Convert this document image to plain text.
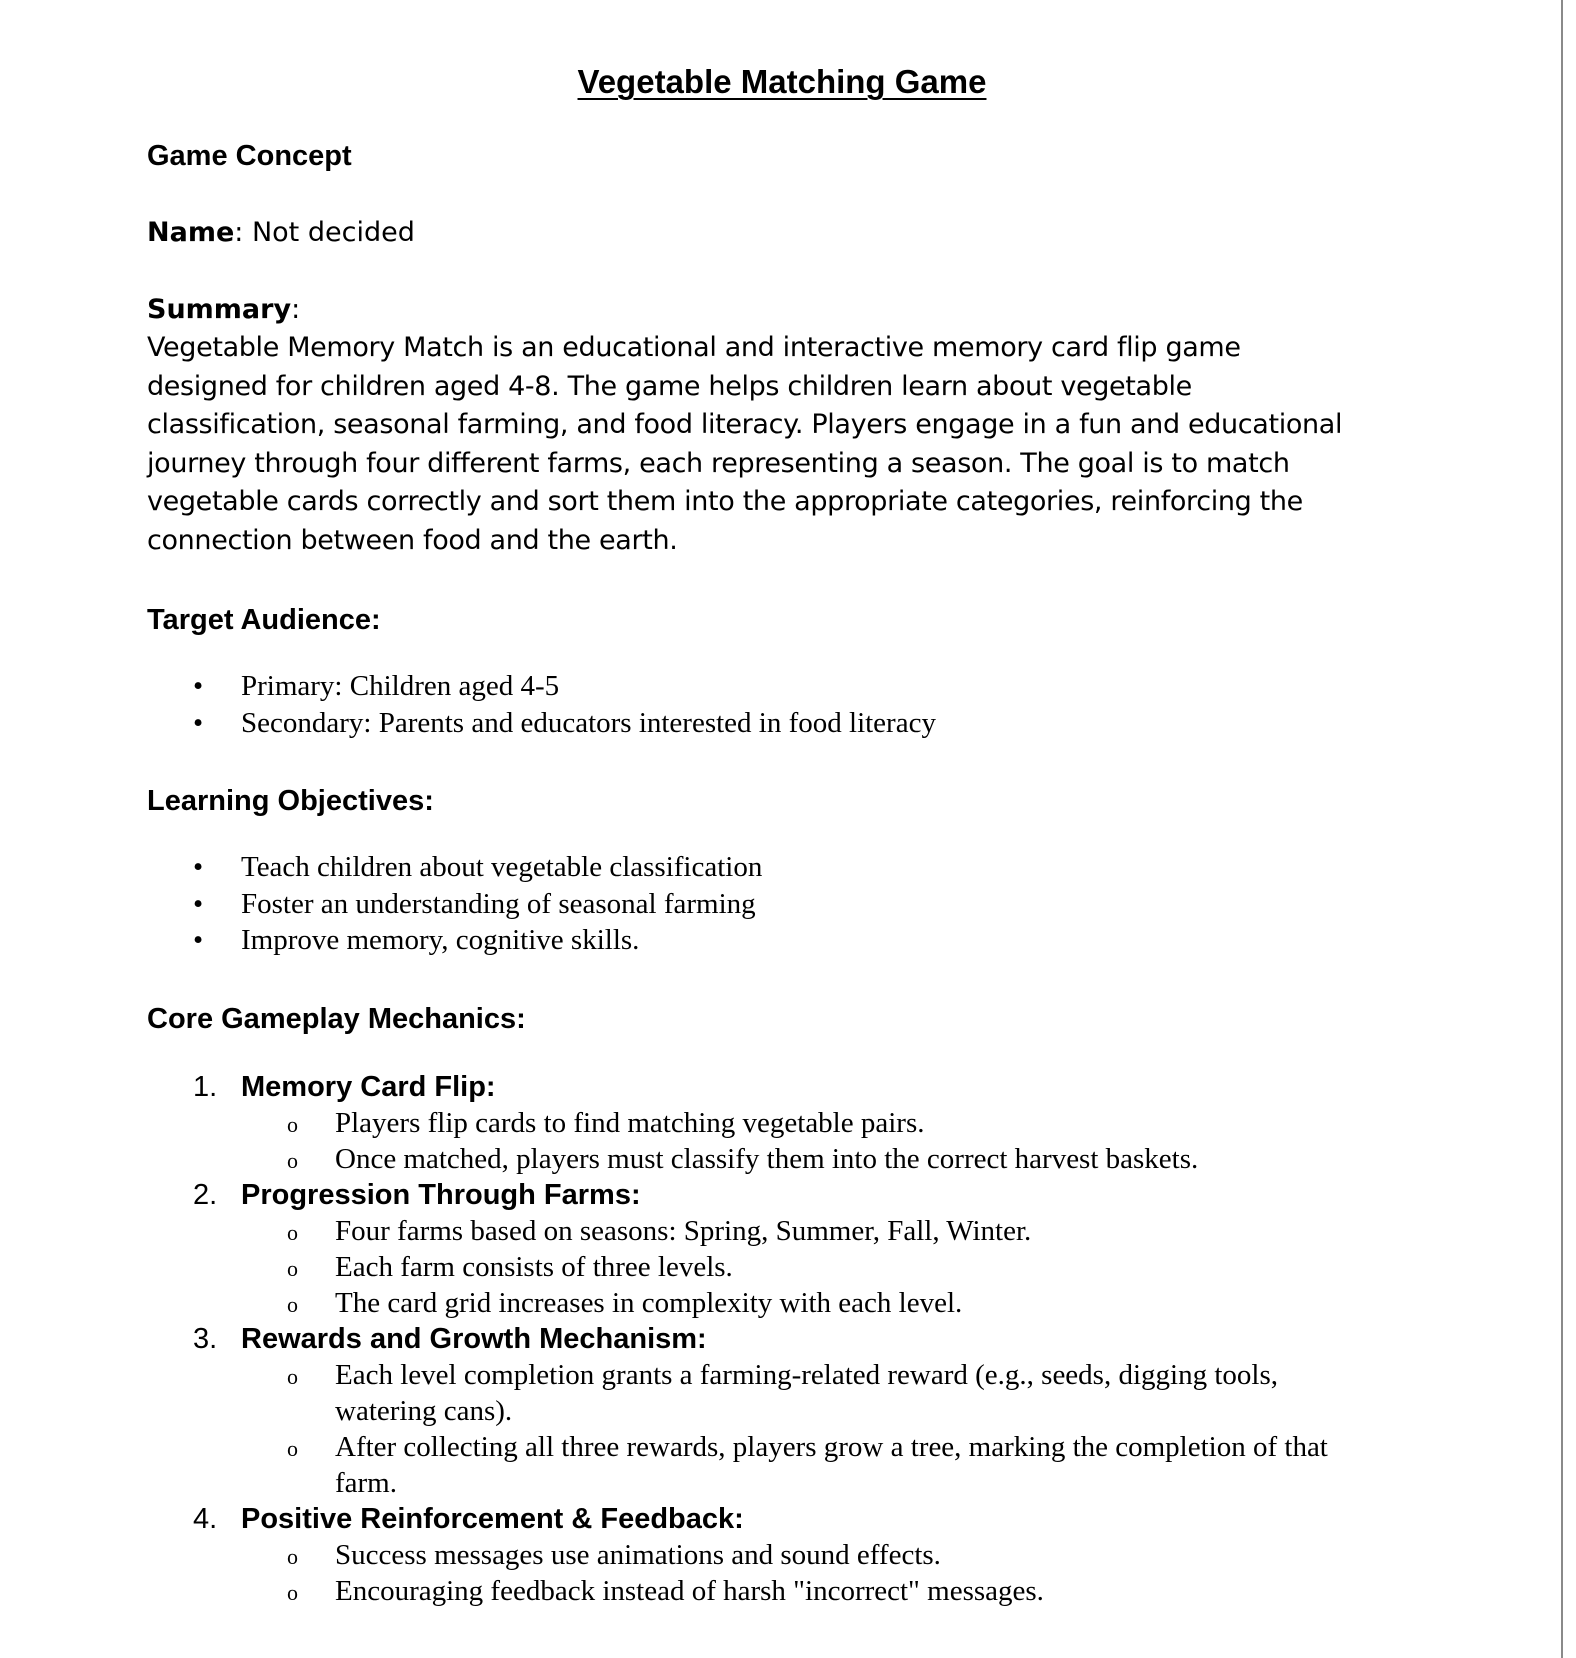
Vegetable Matching Game
Game Concept
Name: Not decided
Summary:
Vegetable Memory Match is an educational and interactive memory card flip game
designed for children aged 4-8. The game helps children learn about vegetable
classification, seasonal farming, and food literacy. Players engage in a fun and educational
journey through four different farms, each representing a season. The goal is to match
vegetable cards correctly and sort them into the appropriate categories, reinforcing the
connection between food and the earth.
Target Audience:
• Primary: Children aged 4-5
• Secondary: Parents and educators interested in food literacy
Learning Objectives:
• Teach children about vegetable classification
• Foster an understanding of seasonal farming
• Improve memory, cognitive skills.
Core Gameplay Mechanics:
1. Memory Card Flip:
o Players flip cards to find matching vegetable pairs.
o Once matched, players must classify them into the correct harvest baskets.
2. Progression Through Farms:
o Four farms based on seasons: Spring, Summer, Fall, Winter.
o Each farm consists of three levels.
o The card grid increases in complexity with each level.
3. Rewards and Growth Mechanism:
o Each level completion grants a farming-related reward (e.g., seeds, digging tools, watering cans).
o After collecting all three rewards, players grow a tree, marking the completion of that farm.
4. Positive Reinforcement & Feedback:
o Success messages use animations and sound effects.
o Encouraging feedback instead of harsh "incorrect" messages.
